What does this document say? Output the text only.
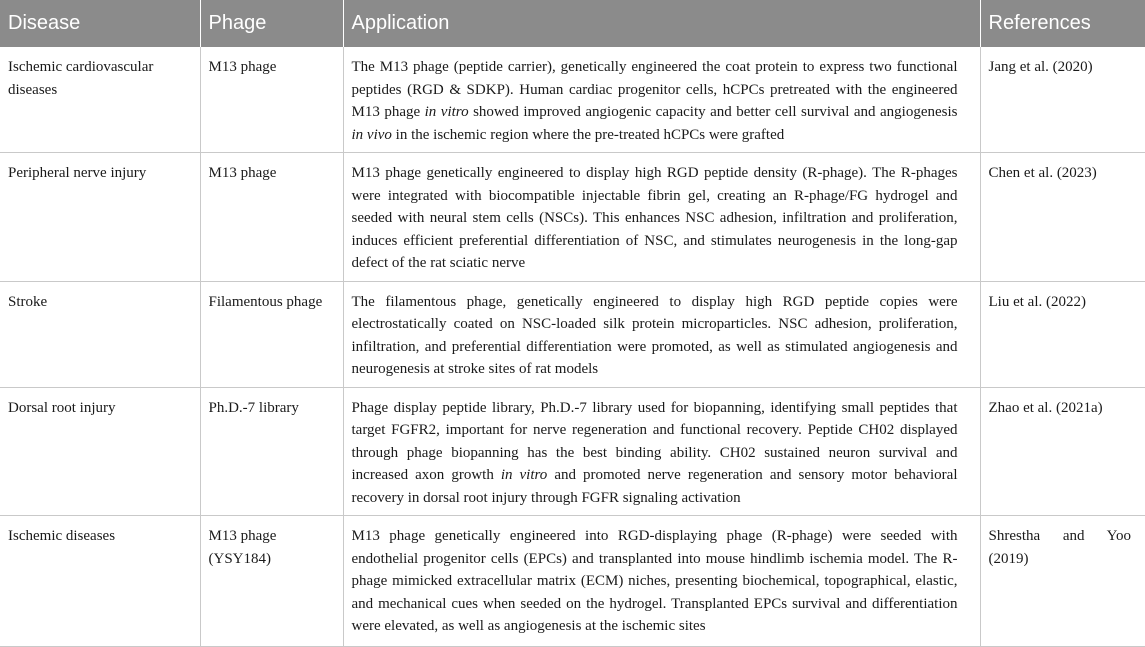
Disease	Phage	Application	References
Ischemic cardiovascular diseases	M13 phage	The M13 phage (peptide carrier), genetically engineered the coat protein to express two functional peptides (RGD & SDKP). Human cardiac progenitor cells, hCPCs pretreated with the engineered M13 phage in vitro showed improved angiogenic capacity and better cell survival and angiogenesis in vivo in the ischemic region where the pre-treated hCPCs were grafted	Jang et al. (2020)
Peripheral nerve injury	M13 phage	M13 phage genetically engineered to display high RGD peptide density (R-phage). The R-phages were integrated with biocompatible injectable fibrin gel, creating an R-phage/FG hydrogel and seeded with neural stem cells (NSCs). This enhances NSC adhesion, infiltration and proliferation, induces efficient preferential differentiation of NSC, and stimulates neurogenesis in the long-gap defect of the rat sciatic nerve	Chen et al. (2023)
Stroke	Filamentous phage	The filamentous phage, genetically engineered to display high RGD peptide copies were electrostatically coated on NSC-loaded silk protein microparticles. NSC adhesion, proliferation, infiltration, and preferential differentiation were promoted, as well as stimulated angiogenesis and neurogenesis at stroke sites of rat models	Liu et al. (2022)
Dorsal root injury	Ph.D.-7 library	Phage display peptide library, Ph.D.-7 library used for biopanning, identifying small peptides that target FGFR2, important for nerve regeneration and functional recovery. Peptide CH02 displayed through phage biopanning has the best binding ability. CH02 sustained neuron survival and increased axon growth in vitro and promoted nerve regeneration and sensory motor behavioral recovery in dorsal root injury through FGFR signaling activation	Zhao et al. (2021a)
Ischemic diseases	M13 phage (YSY184)	M13 phage genetically engineered into RGD-displaying phage (R-phage) were seeded with endothelial progenitor cells (EPCs) and transplanted into mouse hindlimb ischemia model. The R-phage mimicked extracellular matrix (ECM) niches, presenting biochemical, topographical, elastic, and mechanical cues when seeded on the hydrogel. Transplanted EPCs survival and differentiation were elevated, as well as angiogenesis at the ischemic sites	Shrestha and Yoo (2019)
